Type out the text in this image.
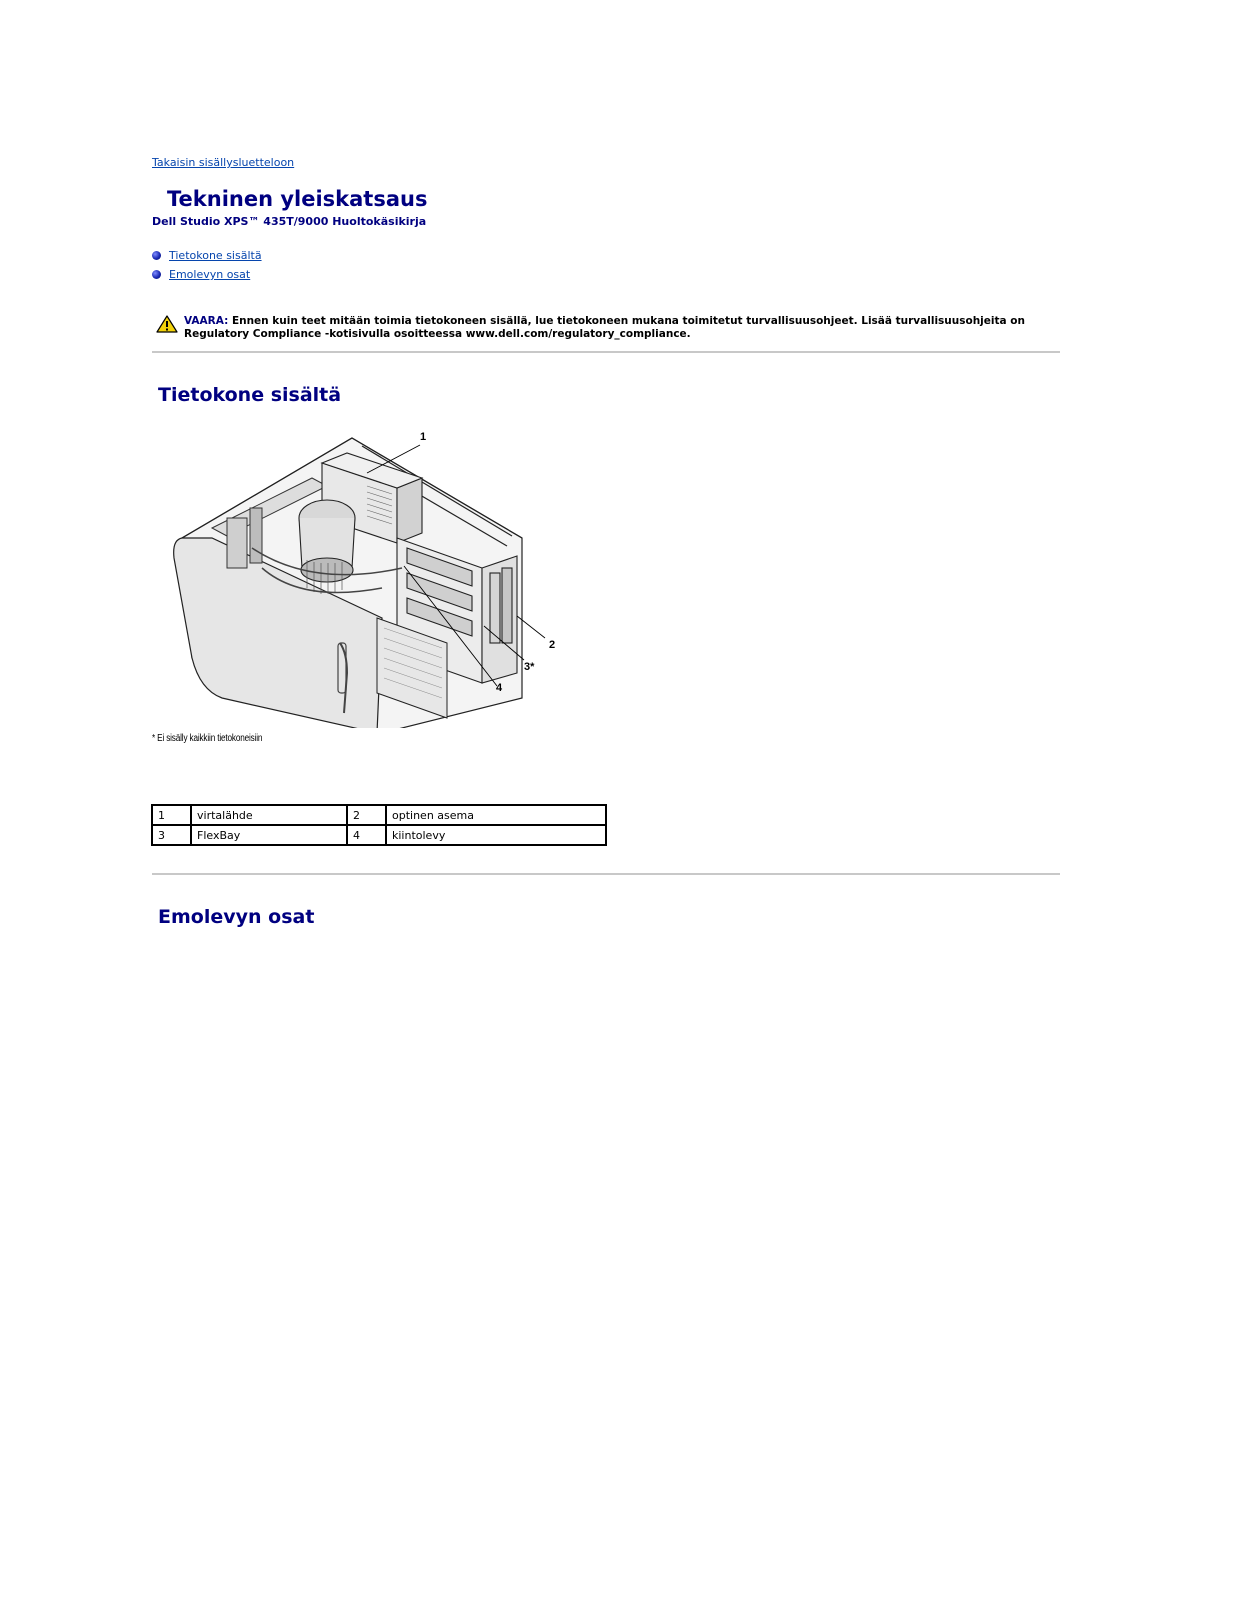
Takaisin sisällysluetteloon
Tekninen yleiskatsaus
Dell Studio XPS™ 435T/9000 Huoltokäsikirja
Tietokone sisältä
Emolevyn osat
VAARA: Ennen kuin teet mitään toimia tietokoneen sisällä, lue tietokoneen mukana toimitetut turvallisuusohjeet. Lisää turvallisuusohjeita on Regulatory Compliance -kotisivulla osoitteessa www.dell.com/regulatory_compliance.
Tietokone sisältä
1
2
3*
4
* Ei sisälly kaikkiin tietokoneisiin
1	virtalähde	2	optinen asema
3	FlexBay	4	kiintolevy
Emolevyn osat
